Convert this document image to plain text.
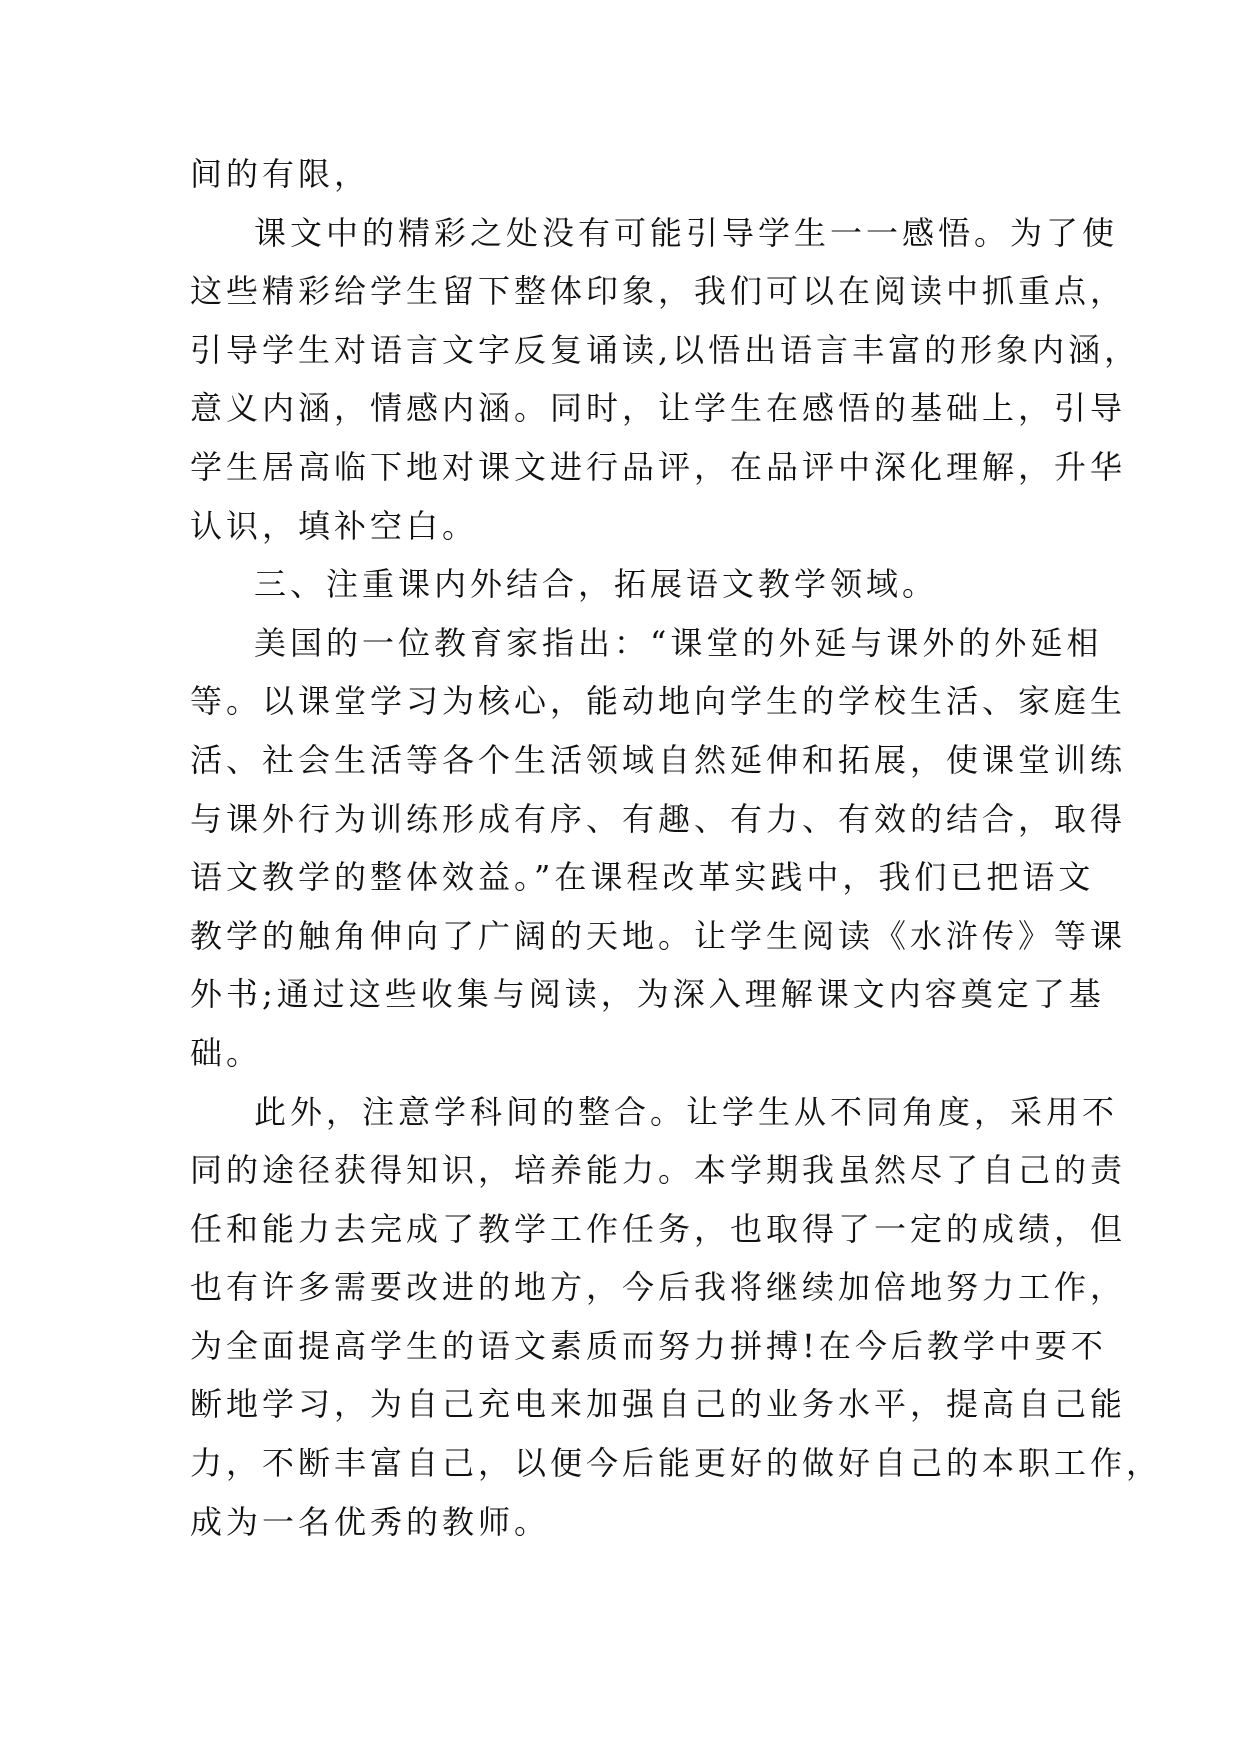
间的有限，
课文中的精彩之处没有可能引导学生一一感悟。为了使
这些精彩给学生留下整体印象，我们可以在阅读中抓重点，
引导学生对语言文字反复诵读,以悟出语言丰富的形象内涵，
意义内涵，情感内涵。同时，让学生在感悟的基础上，引导
学生居高临下地对课文进行品评，在品评中深化理解，升华
认识，填补空白。
三、注重课内外结合，拓展语文教学领域。
美国的一位教育家指出：“课堂的外延与课外的外延相
等。以课堂学习为核心，能动地向学生的学校生活、家庭生
活、社会生活等各个生活领域自然延伸和拓展，使课堂训练
与课外行为训练形成有序、有趣、有力、有效的结合，取得
语文教学的整体效益。”在课程改革实践中，我们已把语文
教学的触角伸向了广阔的天地。让学生阅读《水浒传》等课
外书;通过这些收集与阅读，为深入理解课文内容奠定了基
础。
此外，注意学科间的整合。让学生从不同角度，采用不
同的途径获得知识，培养能力。本学期我虽然尽了自己的责
任和能力去完成了教学工作任务，也取得了一定的成绩，但
也有许多需要改进的地方，今后我将继续加倍地努力工作，
为全面提高学生的语文素质而努力拼搏!在今后教学中要不
断地学习，为自己充电来加强自己的业务水平，提高自己能
力，不断丰富自己，以便今后能更好的做好自己的本职工作，
成为一名优秀的教师。
